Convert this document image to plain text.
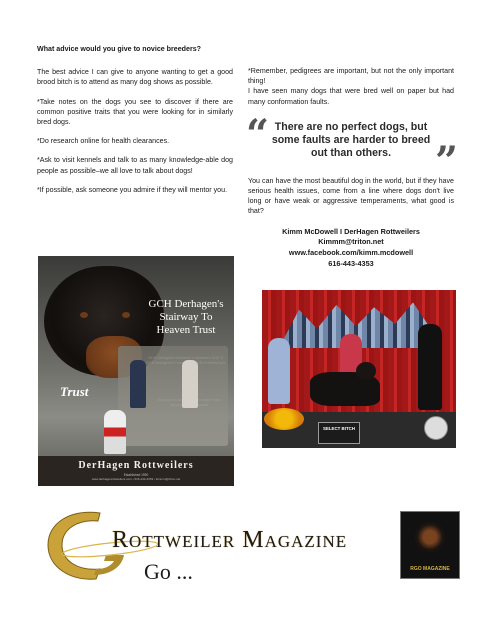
What advice would you give to novice breeders?

The best advice I can give to anyone wanting to get a good brood bitch is to attend as many dog shows as possible.

*Take notes on the dogs you see to discover if there are common positive traits that you were looking for in similarly bred dogs.

*Do research online for health clearances.

*Ask to visit kennels and talk to as many knowledge-able dog people as possible–we all love to talk about dogs!

*If possible, ask someone you admire if they will mentor you.

*Remember, pedigrees are important, but not the only important thing!

I have seen many dogs that were bred well on paper but had many conformation faults.

“ There are no perfect dogs, but some faults are harder to breed out than others. ”

You can have the most beautiful dog in the world, but if they have serious health issues, come from a line where dogs don't live long or have weak or aggressive temperaments, what good is that?

Kimm McDowell I DerHagen Rottweilers
Kimmm@triton.net
www.facebook.com/kimm.mcdowell
616-443-4353
GCH Derhagen's Stairway To Heaven Trust
Trust
DerHagen Rottweilers
Established 1990
www.derhagenrottweilers.com • 616-443-4353 • kimmm@triton.net
SELECT BITCH
Rottweiler Magazine
Go ...	RGO MAGAZINE
